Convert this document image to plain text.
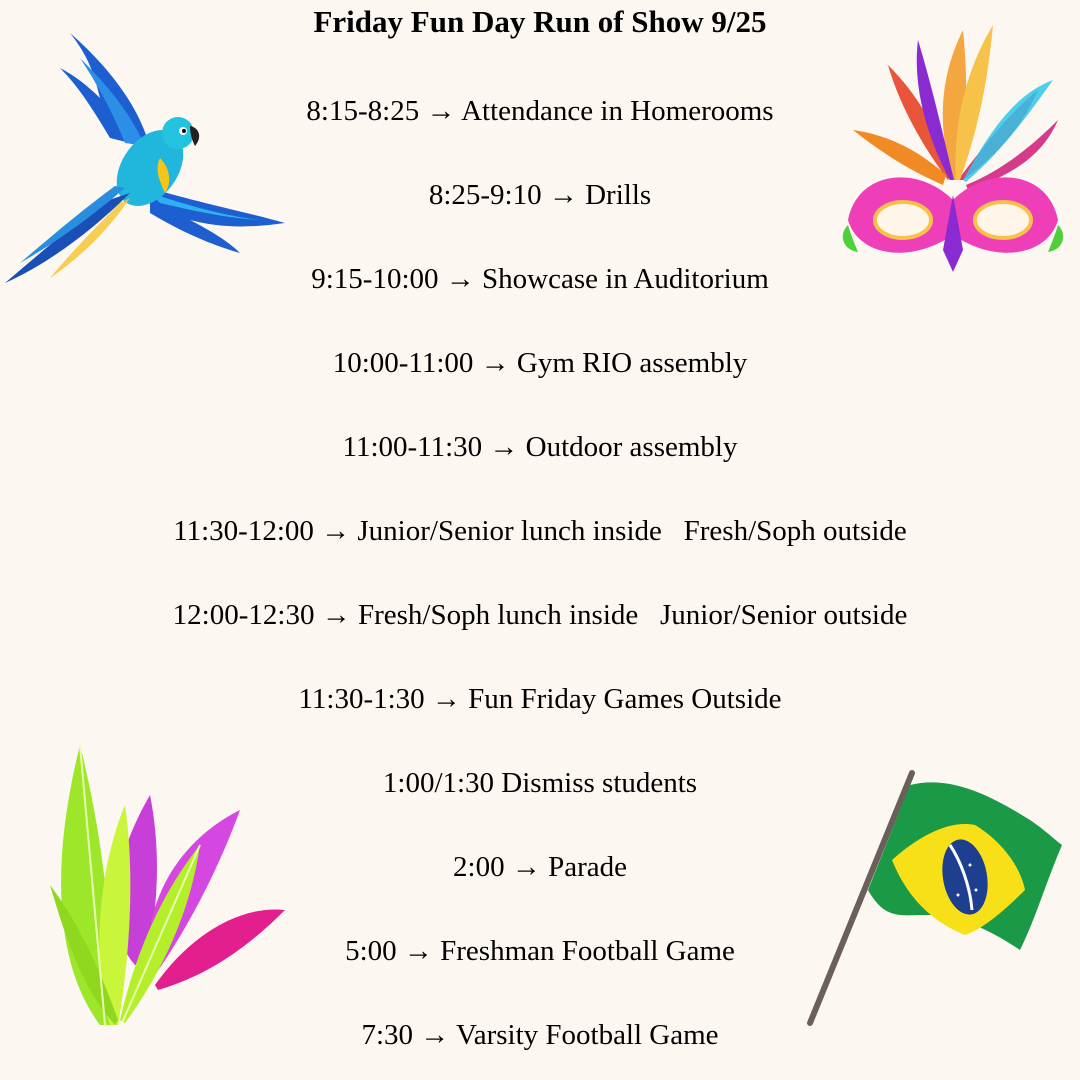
Friday Fun Day Run of Show 9/25
8:15-8:25 → Attendance in Homerooms
8:25-9:10 → Drills
9:15-10:00 → Showcase in Auditorium
10:00-11:00 → Gym RIO assembly
11:00-11:30 → Outdoor assembly
11:30-12:00 → Junior/Senior lunch inside   Fresh/Soph outside
12:00-12:30 → Fresh/Soph lunch inside   Junior/Senior outside
11:30-1:30 → Fun Friday Games Outside
1:00/1:30 Dismiss students
2:00 → Parade
5:00 → Freshman Football Game
7:30 → Varsity Football Game
